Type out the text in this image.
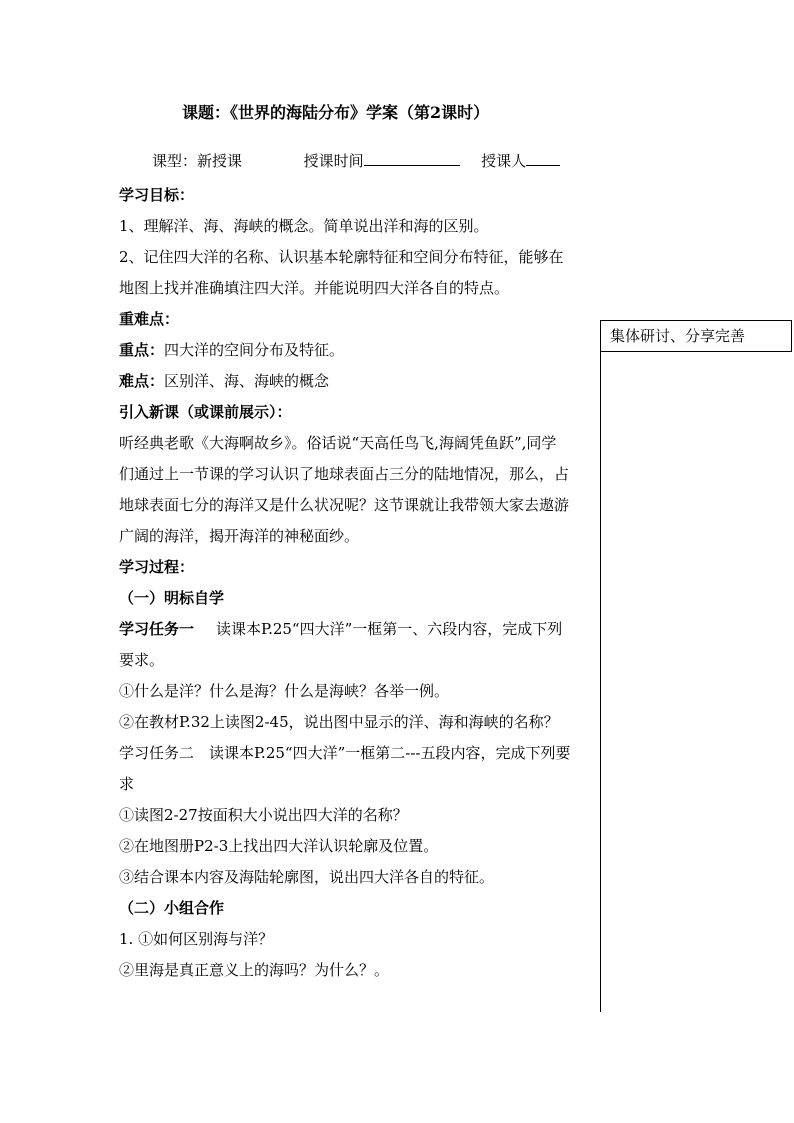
课题：《世界的海陆分布》学案（第2课时）
课型：新授课	授课时间	授课人

学习目标：

1、理解洋、海、海峡的概念。简单说出洋和海的区别。

2、记住四大洋的名称、认识基本轮廓特征和空间分布特征，能够在地图上找并准确填注四大洋。并能说明四大洋各自的特点。

重难点：

重点：四大洋的空间分布及特征。

难点：区别洋、海、海峡的概念

引入新课（或课前展示）：

听经典老歌《大海啊故乡》。俗话说“天高任鸟飞,海阔凭鱼跃”,同学们通过上一节课的学习认识了地球表面占三分的陆地情况，那么，占地球表面七分的海洋又是什么状况呢？这节课就让我带领大家去遨游广阔的海洋，揭开海洋的神秘面纱。

学习过程：

（一）明标自学

学习任务一 读课本P.25“四大洋”一框第一、六段内容，完成下列要求。

①什么是洋？什么是海？什么是海峡？各举一例。

②在教材P.32上读图2-45，说出图中显示的洋、海和海峡的名称？

学习任务二　读课本P.25“四大洋”一框第二---五段内容，完成下列要求

①读图2-27按面积大小说出四大洋的名称？

②在地图册P2-3上找出四大洋认识轮廓及位置。

③结合课本内容及海陆轮廓图，说出四大洋各自的特征。

（二）小组合作

1. ①如何区别海与洋？

②里海是真正意义上的海吗？为什么？。

集体研讨、分享完善
